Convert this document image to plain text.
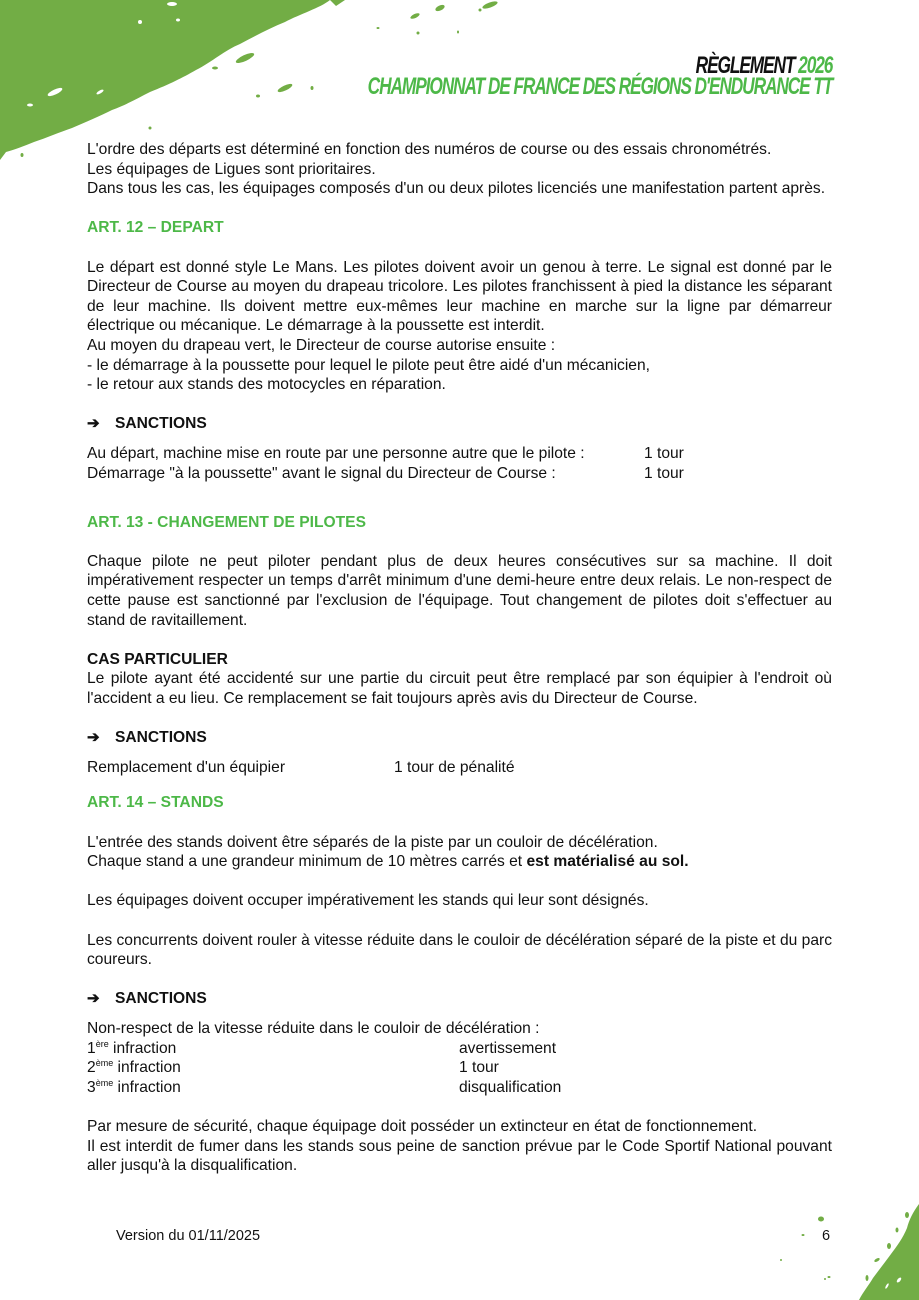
RÈGLEMENT 2026
CHAMPIONNAT DE FRANCE DES RÉGIONS D'ENDURANCE TT

L'ordre des départs est déterminé en fonction des numéros de course ou des essais chronométrés.

Les équipages de Ligues sont prioritaires.

Dans tous les cas, les équipages composés d'un ou deux pilotes licenciés une manifestation partent après.

ART. 12 – DEPART

Le départ est donné style Le Mans. Les pilotes doivent avoir un genou à terre. Le signal est donné par le Directeur de Course au moyen du drapeau tricolore. Les pilotes franchissent à pied la distance les séparant de leur machine. Ils doivent mettre eux-mêmes leur machine en marche sur la ligne par démarreur électrique ou mécanique. Le démarrage à la poussette est interdit.

Au moyen du drapeau vert, le Directeur de course autorise ensuite :

- le démarrage à la poussette pour lequel le pilote peut être aidé d'un mécanicien,

- le retour aux stands des motocycles en réparation.

➔ SANCTIONS

Au départ, machine mise en route par une personne autre que le pilote :	1 tour
Démarrage "à la poussette" avant le signal du Directeur de Course :	1 tour

ART. 13 - CHANGEMENT DE PILOTES

Chaque pilote ne peut piloter pendant plus de deux heures consécutives sur sa machine. Il doit impérativement respecter un temps d'arrêt minimum d'une demi-heure entre deux relais. Le non-respect de cette pause est sanctionné par l'exclusion de l'équipage. Tout changement de pilotes doit s'effectuer au stand de ravitaillement.

CAS PARTICULIER

Le pilote ayant été accidenté sur une partie du circuit peut être remplacé par son équipier à l'endroit où l'accident a eu lieu. Ce remplacement se fait toujours après avis du Directeur de Course.

➔ SANCTIONS

Remplacement d'un équipier	1 tour de pénalité

ART. 14 – STANDS

L'entrée des stands doivent être séparés de la piste par un couloir de décélération.

Chaque stand a une grandeur minimum de 10 mètres carrés et est matérialisé au sol.

Les équipages doivent occuper impérativement les stands qui leur sont désignés.

Les concurrents doivent rouler à vitesse réduite dans le couloir de décélération séparé de la piste et du parc coureurs.

➔ SANCTIONS

Non-respect de la vitesse réduite dans le couloir de décélération :

1ère infraction	avertissement
2ème infraction	1 tour
3ème infraction	disqualification

Par mesure de sécurité, chaque équipage doit posséder un extincteur en état de fonctionnement.

Il est interdit de fumer dans les stands sous peine de sanction prévue par le Code Sportif National pouvant aller jusqu'à la disqualification.

Version du 01/11/2025	6
